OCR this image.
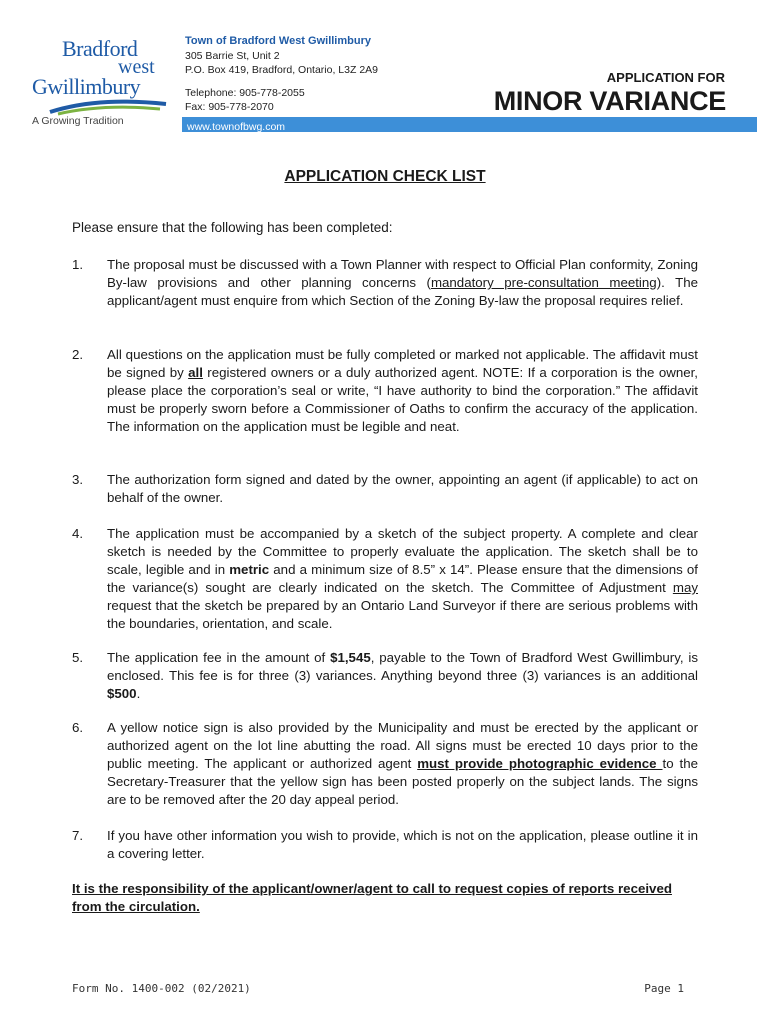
Bradford
west
Gwillimbury
A Growing Tradition
Town of Bradford West Gwillimbury
305 Barrie St, Unit 2
P.O. Box 419, Bradford, Ontario, L3Z 2A9
Telephone: 905-778-2055
Fax: 905-778-2070
www.townofbwg.com
APPLICATION FOR
MINOR VARIANCE
APPLICATION CHECK LIST
Please ensure that the following has been completed:
1. The proposal must be discussed with a Town Planner with respect to Official Plan conformity, Zoning By-law provisions and other planning concerns (mandatory pre-consultation meeting). The applicant/agent must enquire from which Section of the Zoning By-law the proposal requires relief.
2. All questions on the application must be fully completed or marked not applicable. The affidavit must be signed by all registered owners or a duly authorized agent. NOTE: If a corporation is the owner, please place the corporation’s seal or write, “I have authority to bind the corporation.” The affidavit must be properly sworn before a Commissioner of Oaths to confirm the accuracy of the application. The information on the application must be legible and neat.
3. The authorization form signed and dated by the owner, appointing an agent (if applicable) to act on behalf of the owner.
4. The application must be accompanied by a sketch of the subject property. A complete and clear sketch is needed by the Committee to properly evaluate the application. The sketch shall be to scale, legible and in metric and a minimum size of 8.5” x 14”. Please ensure that the dimensions of the variance(s) sought are clearly indicated on the sketch. The Committee of Adjustment may request that the sketch be prepared by an Ontario Land Surveyor if there are serious problems with the boundaries, orientation, and scale.
5. The application fee in the amount of $1,545, payable to the Town of Bradford West Gwillimbury, is enclosed. This fee is for three (3) variances. Anything beyond three (3) variances is an additional $500.
6. A yellow notice sign is also provided by the Municipality and must be erected by the applicant or authorized agent on the lot line abutting the road. All signs must be erected 10 days prior to the public meeting. The applicant or authorized agent must provide photographic evidence to the Secretary-Treasurer that the yellow sign has been posted properly on the subject lands. The signs are to be removed after the 20 day appeal period.
7. If you have other information you wish to provide, which is not on the application, please outline it in a covering letter.
It is the responsibility of the applicant/owner/agent to call to request copies of reports received from the circulation.
Form No. 1400-002 (02/2021)	Page 1
